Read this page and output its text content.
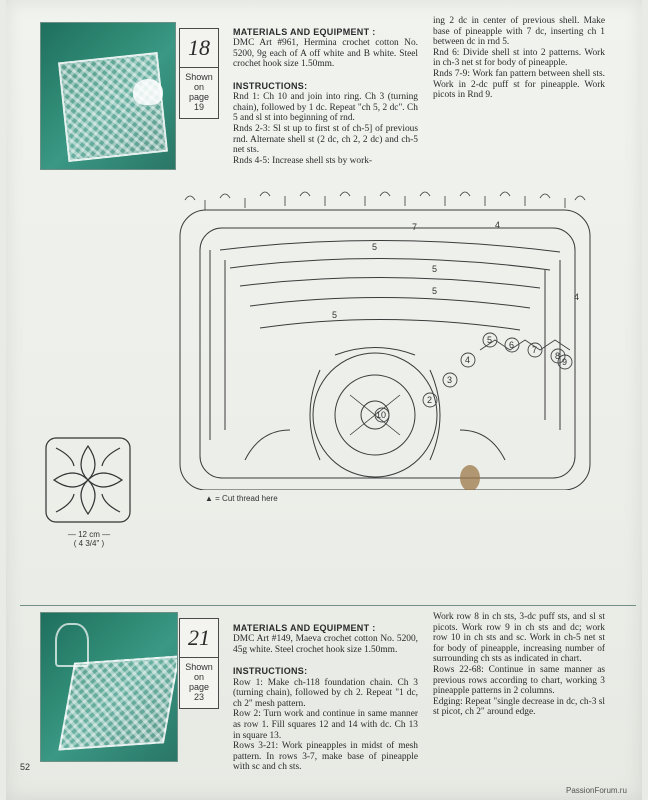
18
Shown
on
page
19

MATERIALS AND EQUIPMENT :

DMC Art #961, Hermina crochet cotton No. 5200, 9g each of A off white and B white. Steel crochet hook size 1.50mm.

INSTRUCTIONS:

Rnd 1: Ch 10 and join into ring. Ch 3 (turning chain), followed by 1 dc. Repeat "ch 5, 2 dc". Ch 5 and sl st into beginning of rnd.
Rnds 2-3: Sl st up to first st of ch-5] of previous rnd. Alternate shell st (2 dc, ch 2, 2 dc) and ch-5 net sts.
Rnds 4-5: Increase shell sts by work-

ing 2 dc in center of previous shell. Make base of pineapple with 7 dc, inserting ch 1 between dc in rnd 5.
Rnd 6: Divide shell st into 2 patterns. Work in ch-3 net st for body of pineapple.
Rnds 7-9: Work fan pattern between shell sts. Work in 2-dc puff st for pineapple. Work picots in Rnd 9.
4
5
7
5
5
5
4
5 6 7
8
9
2
3
4
10
— 12 cm —
( 4 3/4" )
▲ = Cut thread here
21
Shown
on
page
23

MATERIALS AND EQUIPMENT :

DMC Art #149, Maeva crochet cotton No. 5200, 45g white. Steel crochet hook size 1.50mm.

INSTRUCTIONS:

Row 1: Make ch-118 foundation chain. Ch 3 (turning chain), followed by ch 2. Repeat "1 dc, ch 2" mesh pattern.
Row 2: Turn work and continue in same manner as row 1. Fill squares 12 and 14 with dc. Ch 13 in square 13.
Rows 3-21: Work pineapples in midst of mesh pattern. In rows 3-7, make base of pineapple with sc and ch sts.

Work row 8 in ch sts, 3-dc puff sts, and sl st picots. Work row 9 in ch sts and dc; work row 10 in ch sts and sc. Work in ch-5 net st for body of pineapple, increasing number of surrounding ch sts as indicated in chart.
Rows 22-68: Continue in same manner as previous rows according to chart, working 3 pineapple patterns in 2 columns.
Edging: Repeat "single decrease in dc, ch-3 sl st picot, ch 2" around edge.
52
PassionForum.ru
